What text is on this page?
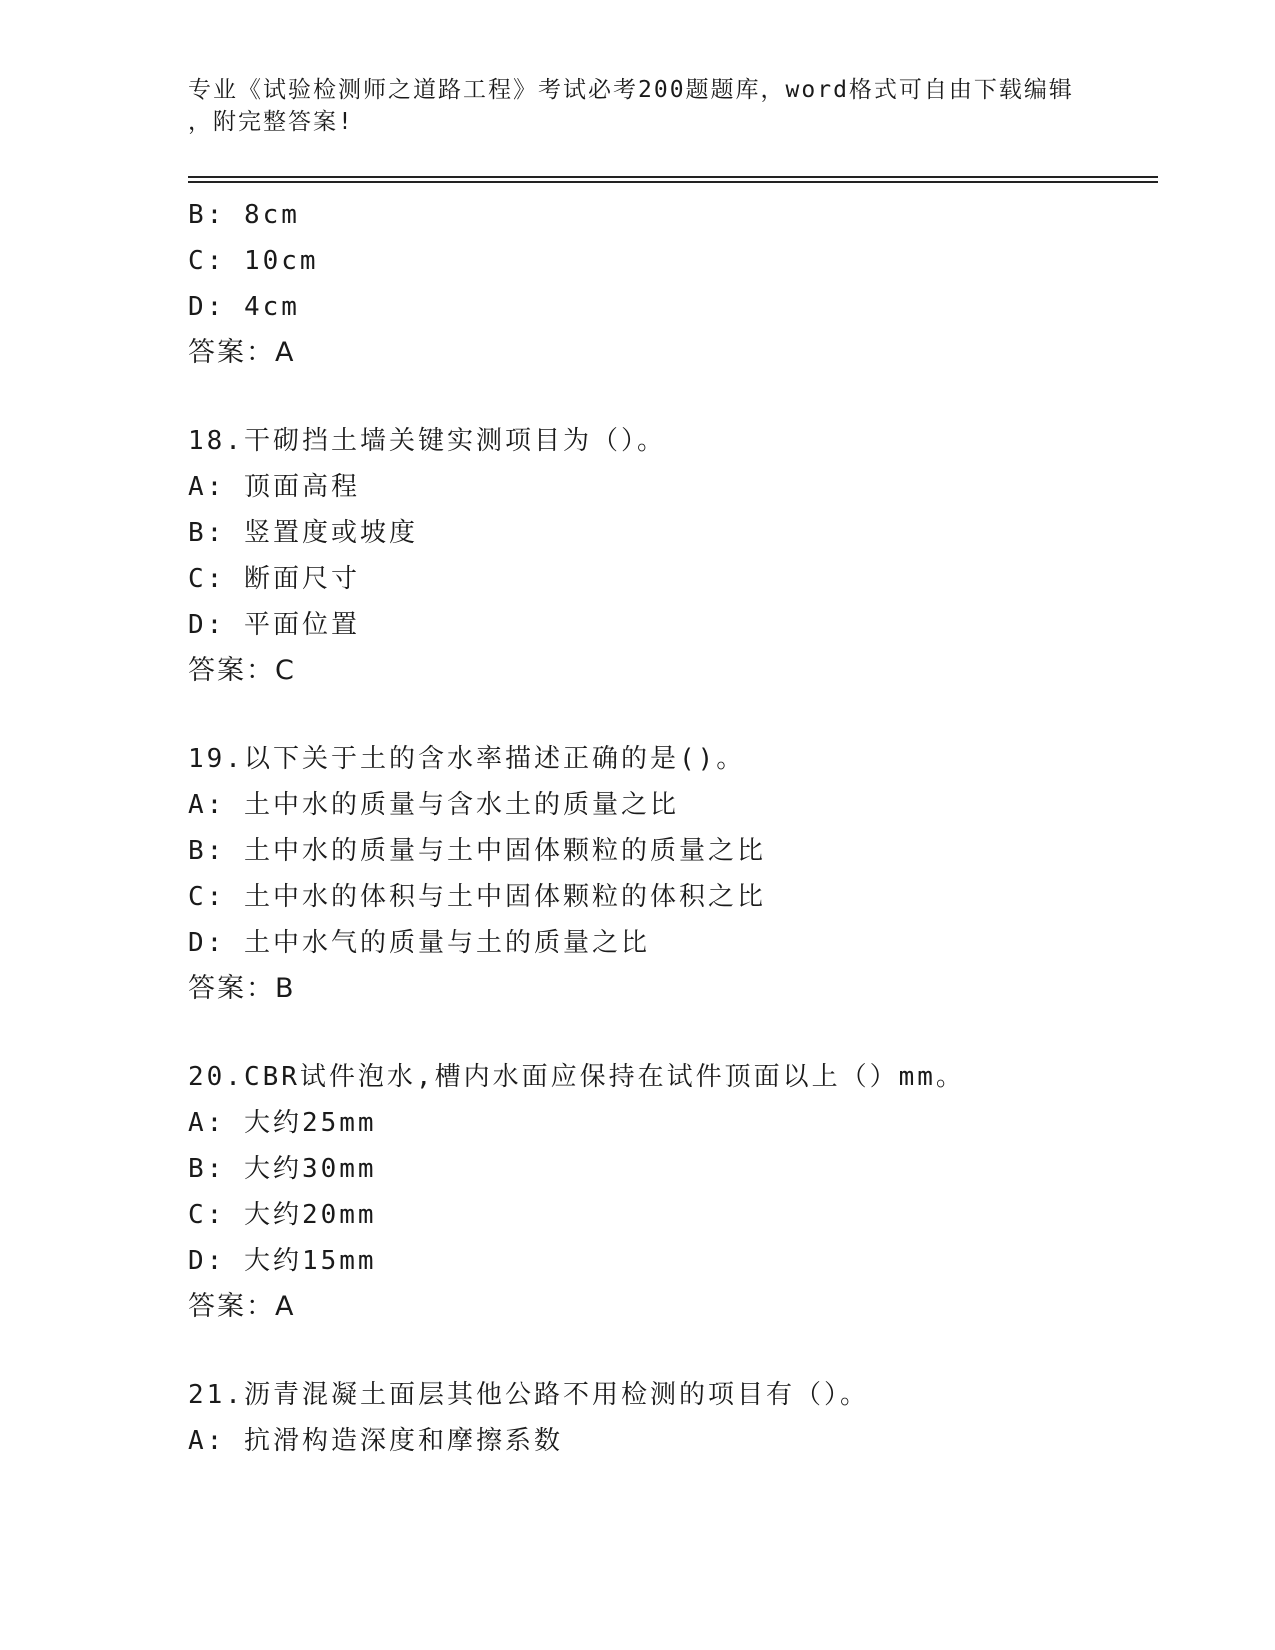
专业《试验检测师之道路工程》考试必考200题题库，word格式可自由下载编辑
，附完整答案!
B: 8cm
C: 10cm
D: 4cm
答案：A
18.干砌挡土墙关键实测项目为（）。
A: 顶面高程
B: 竖置度或坡度
C: 断面尺寸
D: 平面位置
答案：C
19.以下关于土的含水率描述正确的是()。
A: 土中水的质量与含水土的质量之比
B: 土中水的质量与土中固体颗粒的质量之比
C: 土中水的体积与土中固体颗粒的体积之比
D: 土中水气的质量与土的质量之比
答案：B
20.CBR试件泡水,槽内水面应保持在试件顶面以上（）mm。
A: 大约25mm
B: 大约30mm
C: 大约20mm
D: 大约15mm
答案：A
21.沥青混凝土面层其他公路不用检测的项目有（）。
A: 抗滑构造深度和摩擦系数
